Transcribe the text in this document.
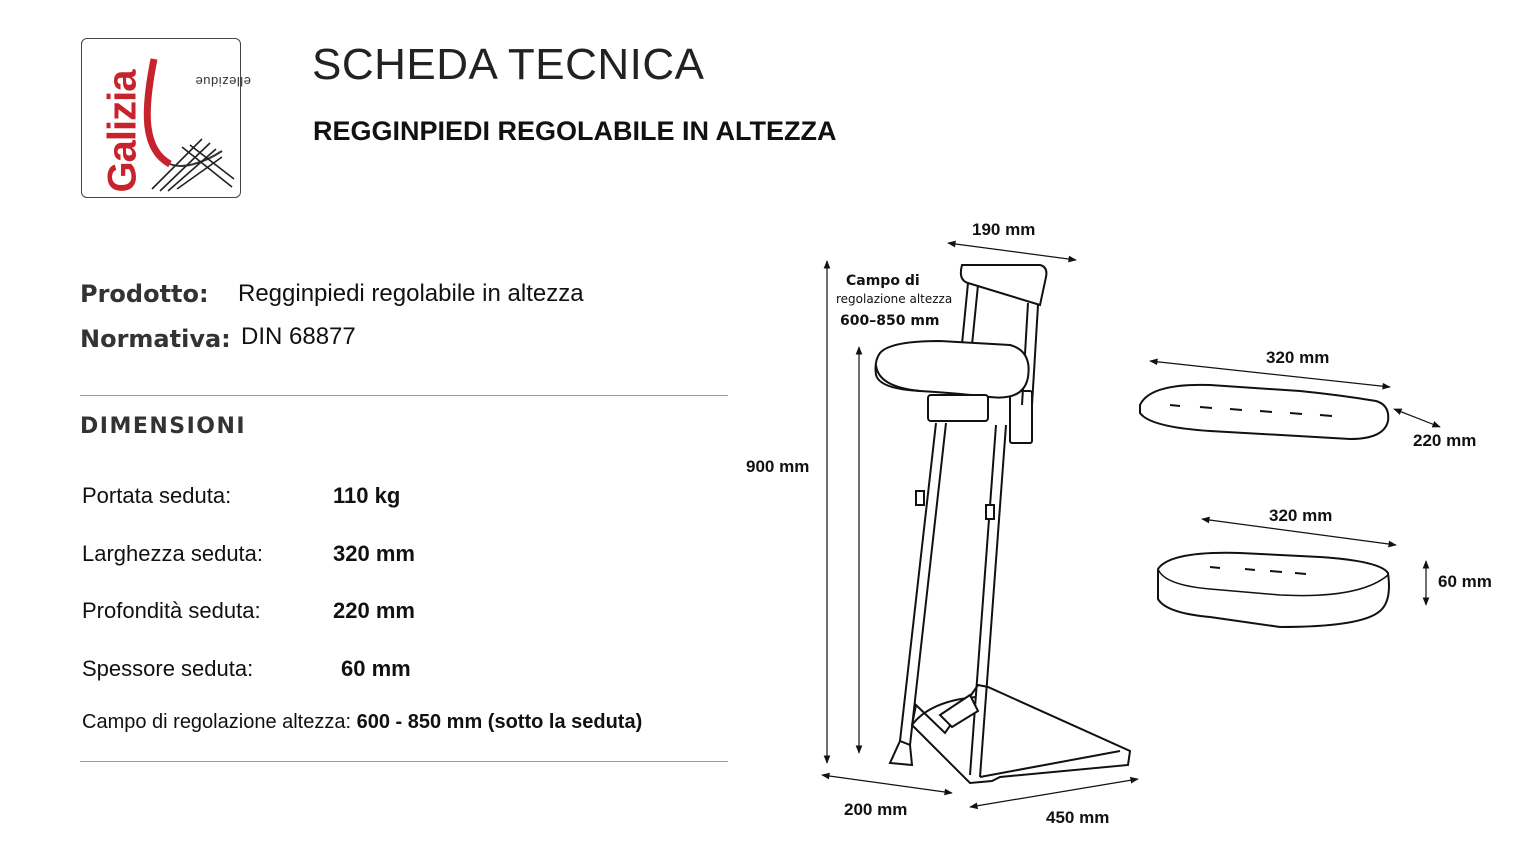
Galizia	ellezidue SCHEDA TECNICA
REGGINPIEDI REGOLABILE IN ALTEZZA
Prodotto: Regginpiedi regolabile in altezza
Normativa: DIN 68877
DIMENSIONI
Portata seduta:	110 kg
Larghezza seduta:	320 mm
Profondità seduta:	220 mm
Spessore seduta:	60 mm
Campo di regolazione altezza: 600 - 850 mm (sotto la seduta)
190 mm
Campo di
regolazione altezza
600–850 mm
900 mm
200 mm	450 mm
320 mm
220 mm
320 mm
60 mm
